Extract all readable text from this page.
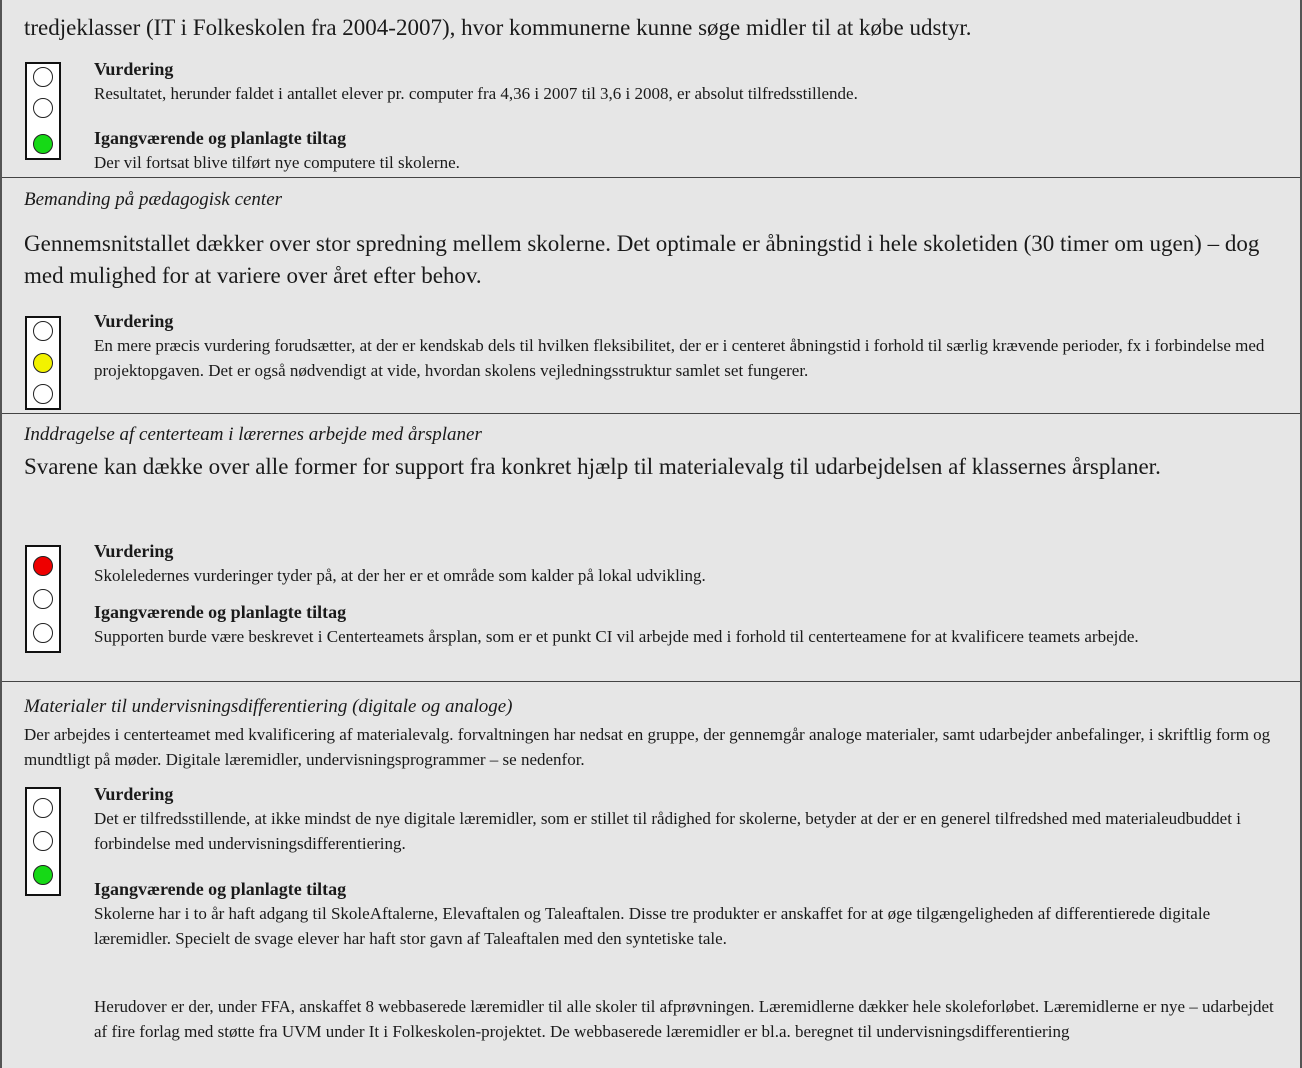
tredjeklasser (IT i Folkeskolen fra 2004-2007), hvor kommunerne kunne søge midler til at købe udstyr.

Vurdering

Resultatet, herunder faldet i antallet elever pr. computer fra 4,36 i 2007 til 3,6 i 2008, er absolut tilfredsstillende.

Igangværende og planlagte tiltag

Der vil fortsat blive tilført nye computere til skolerne.

Bemanding på pædagogisk center

Gennemsnitstallet dækker over stor spredning mellem skolerne. Det optimale er åbningstid i hele skoletiden (30 timer om ugen) – dog med mulighed for at variere over året efter behov.

Vurdering

En mere præcis vurdering forudsætter, at der er kendskab dels til hvilken fleksibilitet, der er i centeret åbningstid i forhold til særlig krævende perioder, fx i forbindelse med projektopgaven. Det er også nødvendigt at vide, hvordan skolens vejledningsstruktur samlet set fungerer.

Inddragelse af centerteam i lærernes arbejde med årsplaner

Svarene kan dække over alle former for support fra konkret hjælp til materialevalg til udarbejdelsen af klassernes årsplaner.

Vurdering

Skoleledernes vurderinger tyder på, at der her er et område som kalder på lokal udvikling.

Igangværende og planlagte tiltag

Supporten burde være beskrevet i Centerteamets årsplan, som er et punkt CI vil arbejde med i forhold til centerteamene for at kvalificere teamets arbejde.

Materialer til undervisningsdifferentiering (digitale og analoge)

Der arbejdes i centerteamet med kvalificering af materialevalg. forvaltningen har nedsat en gruppe, der gennemgår analoge materialer, samt udarbejder anbefalinger, i skriftlig form og mundtligt på møder. Digitale læremidler, undervisningsprogrammer – se nedenfor.

Vurdering

Det er tilfredsstillende, at ikke mindst de nye digitale læremidler, som er stillet til rådighed for skolerne, betyder at der er en generel tilfredshed med materialeudbuddet i forbindelse med undervisningsdifferentiering.

Igangværende og planlagte tiltag

Skolerne har i to år haft adgang til SkoleAftalerne, Elevaftalen og Taleaftalen. Disse tre produkter er anskaffet for at øge tilgængeligheden af differentierede digitale læremidler. Specielt de svage elever har haft stor gavn af Taleaftalen med den syntetiske tale.

Herudover er der, under FFA, anskaffet 8 webbaserede læremidler til alle skoler til afprøvningen. Læremidlerne dækker hele skoleforløbet. Læremidlerne er nye – udarbejdet af fire forlag med støtte fra UVM under It i Folkeskolen-projektet. De webbaserede læremidler er bl.a. beregnet til undervisningsdifferentiering
